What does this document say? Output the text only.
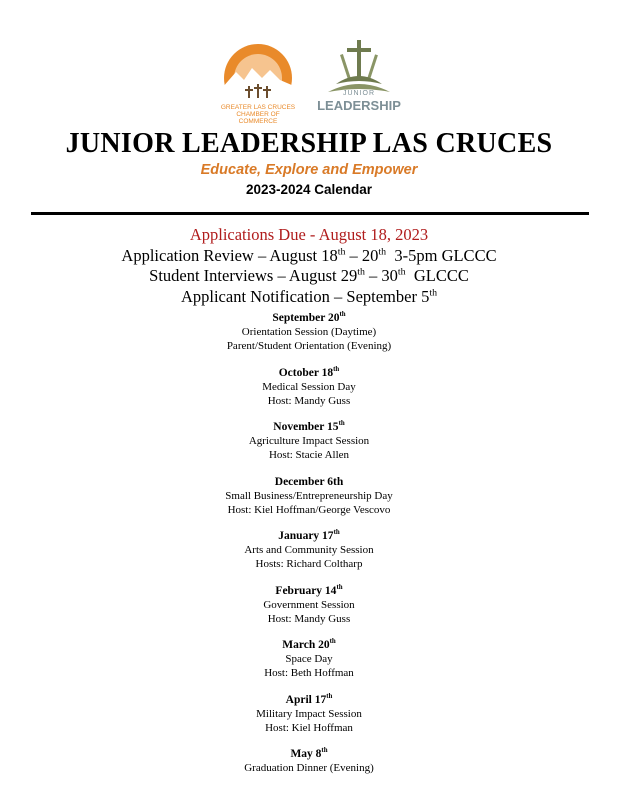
GREATER LAS CRUCES
CHAMBER OF COMMERCE
JUNIOR
LEADERSHIP
JUNIOR LEADERSHIP LAS CRUCES
Educate, Explore and Empower
2023-2024 Calendar
Applications Due - August 18, 2023
Application Review – August 18th – 20th  3-5pm GLCCC
Student Interviews – August 29th – 30th  GLCCC
Applicant Notification – September 5th
September 20th
Orientation Session (Daytime)
Parent/Student Orientation (Evening)
October 18th
Medical Session Day
Host: Mandy Guss
November 15th
Agriculture Impact Session
Host: Stacie Allen
December 6th
Small Business/Entrepreneurship Day
Host: Kiel Hoffman/George Vescovo
January 17th
Arts and Community Session
Hosts: Richard Coltharp
February 14th
Government Session
Host: Mandy Guss
March 20th
Space Day
Host: Beth Hoffman
April 17th
Military Impact Session
Host: Kiel Hoffman
May 8th
Graduation Dinner (Evening)
